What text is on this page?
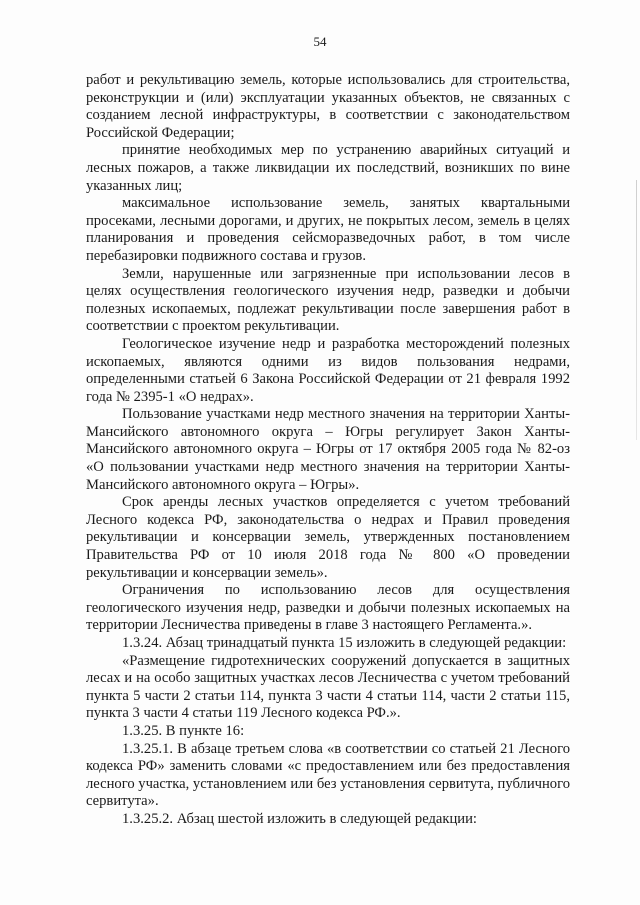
54

работ и рекультивацию земель, которые использовались для строительства, реконструкции и (или) эксплуатации указанных объектов, не связанных с созданием лесной инфраструктуры, в соответствии с законодательством Российской Федерации;

принятие необходимых мер по устранению аварийных ситуаций и лесных пожаров, а также ликвидации их последствий, возникших по вине указанных лиц;

максимальное использование земель, занятых квартальными просеками, лесными дорогами, и других, не покрытых лесом, земель в целях планирования и проведения сейсморазведочных работ, в том числе перебазировки подвижного состава и грузов.

Земли, нарушенные или загрязненные при использовании лесов в целях осуществления геологического изучения недр, разведки и добычи полезных ископаемых, подлежат рекультивации после завершения работ в соответствии с проектом рекультивации.

Геологическое изучение недр и разработка месторождений полезных ископаемых, являются одними из видов пользования недрами, определенными статьей 6 Закона Российской Федерации от 21 февраля 1992 года № 2395-1 «О недрах».

Пользование участками недр местного значения на территории Ханты-Мансийского автономного округа – Югры регулирует Закон Ханты-Мансийского автономного округа – Югры от 17 октября 2005 года № 82-оз «О пользовании участками недр местного значения на территории Ханты-Мансийского автономного округа – Югры».

Срок аренды лесных участков определяется с учетом требований Лесного кодекса РФ, законодательства о недрах и Правил проведения рекультивации и консервации земель, утвержденных постановлением Правительства РФ от 10 июля 2018 года № 800 «О проведении рекультивации и консервации земель».

Ограничения по использованию лесов для осуществления геологического изучения недр, разведки и добычи полезных ископаемых на территории Лесничества приведены в главе 3 настоящего Регламента.».

1.3.24. Абзац тринадцатый пункта 15 изложить в следующей редакции:

«Размещение гидротехнических сооружений допускается в защитных лесах и на особо защитных участках лесов Лесничества с учетом требований пункта 5 части 2 статьи 114, пункта 3 части 4 статьи 114, части 2 статьи 115, пункта 3 части 4 статьи 119 Лесного кодекса РФ.».

1.3.25. В пункте 16:

1.3.25.1. В абзаце третьем слова «в соответствии со статьей 21 Лесного кодекса РФ» заменить словами «с предоставлением или без предоставления лесного участка, установлением или без установления сервитута, публичного сервитута».

1.3.25.2. Абзац шестой изложить в следующей редакции:
